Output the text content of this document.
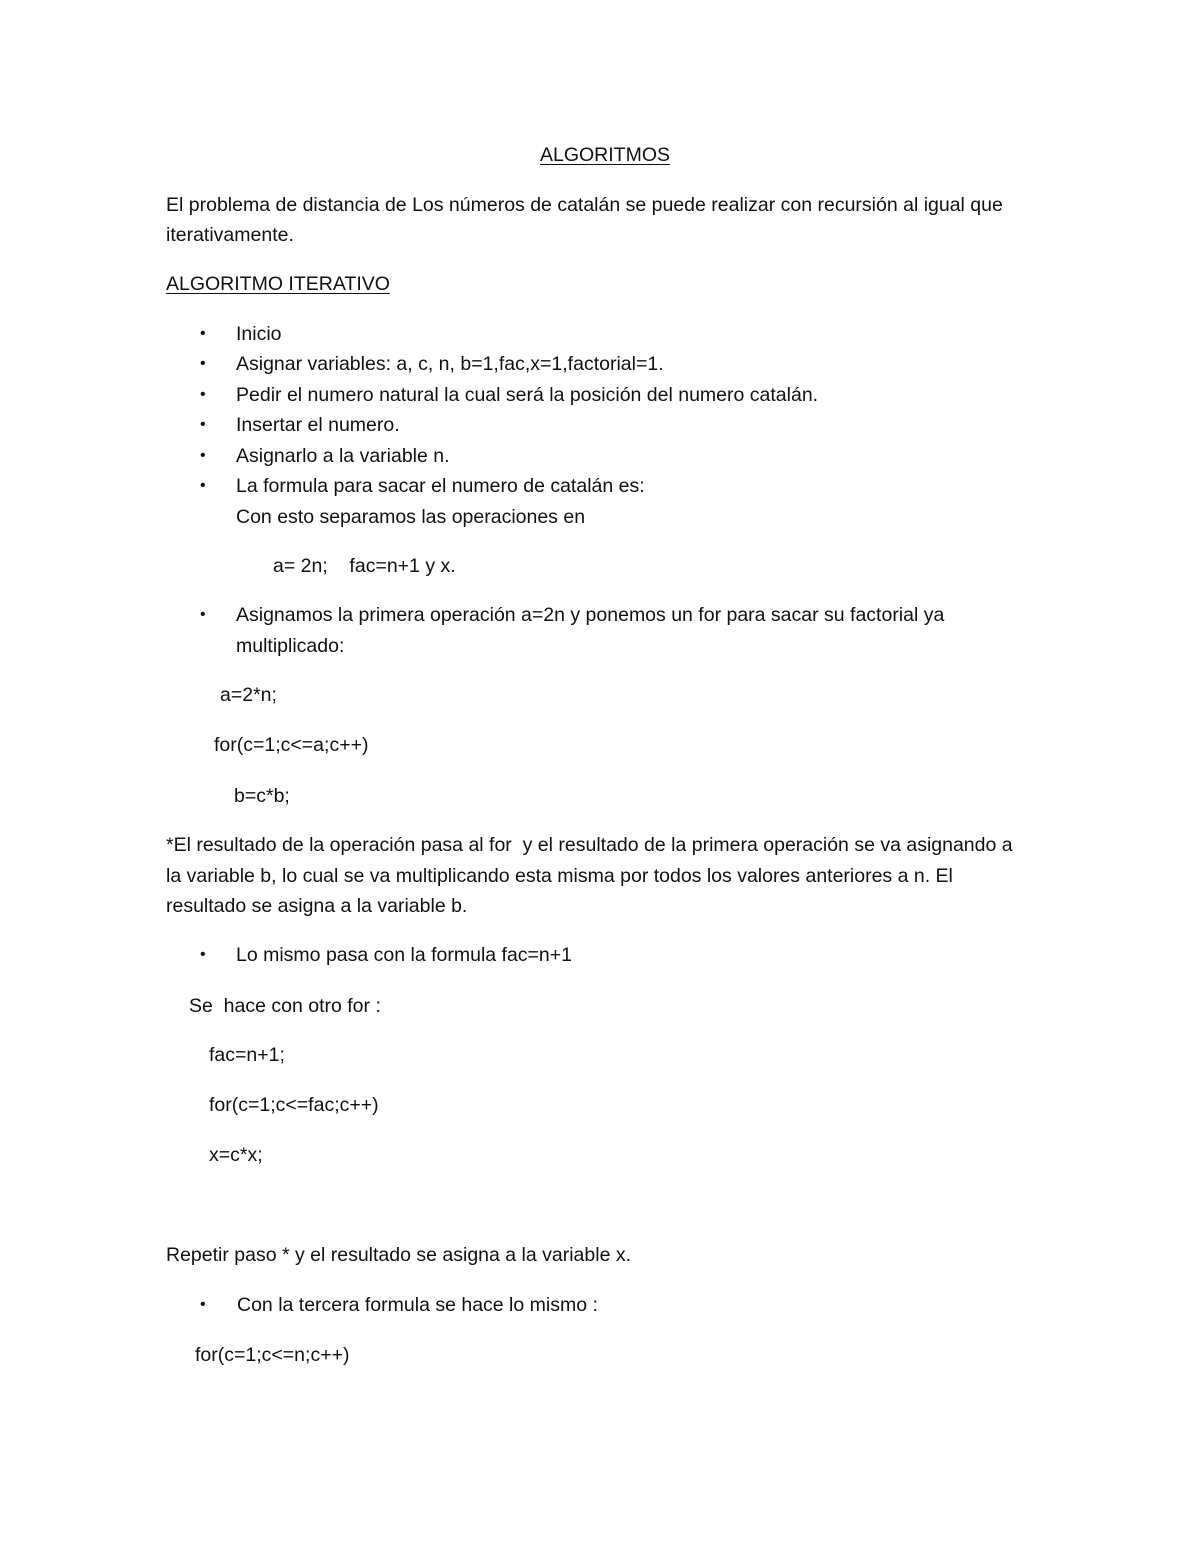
ALGORITMOS
El problema de distancia de Los números de catalán se puede realizar con recursión al igual que
iterativamente.
ALGORITMO ITERATIVO
• Inicio
• Asignar variables: a, c, n, b=1,fac,x=1,factorial=1.
• Pedir el numero natural la cual será la posición del numero catalán.
• Insertar el numero.
• Asignarlo a la variable n.
• La formula para sacar el numero de catalán es:
Con esto separamos las operaciones en
a= 2n;    fac=n+1 y x.
• Asignamos la primera operación a=2n y ponemos un for para sacar su factorial ya
multiplicado:
a=2*n;
for(c=1;c<=a;c++)
b=c*b;
*El resultado de la operación pasa al for  y el resultado de la primera operación se va asignando a
la variable b, lo cual se va multiplicando esta misma por todos los valores anteriores a n. El
resultado se asigna a la variable b.
• Lo mismo pasa con la formula fac=n+1
Se  hace con otro for :
fac=n+1;
for(c=1;c<=fac;c++)
x=c*x;
Repetir paso * y el resultado se asigna a la variable x.
• Con la tercera formula se hace lo mismo :
for(c=1;c<=n;c++)
